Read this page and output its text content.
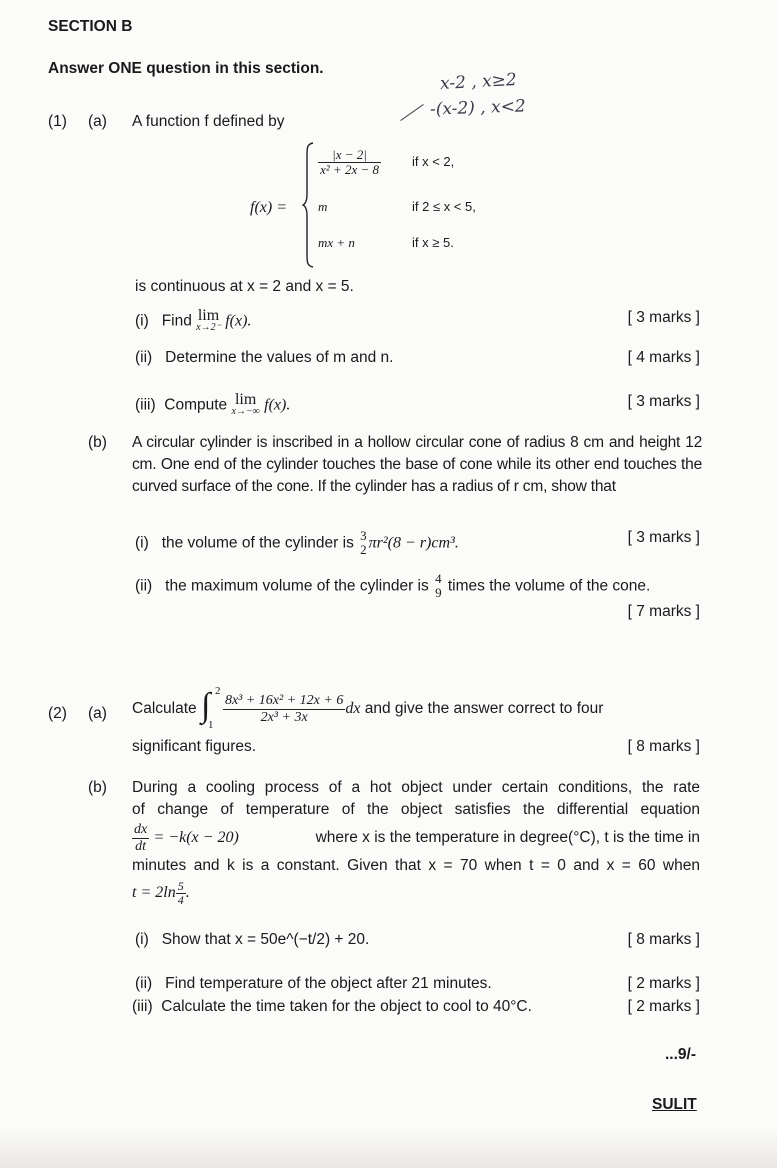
SECTION B
Answer ONE question in this section.
x-2 , x≥2
-(x-2) , x<2
(1) (a) A function f defined by
f(x) =
$\frac{|x - 2|}{\text{x² + 2x − 8}}$ if x < 2,
m	if 2 ≤ x < 5,
mx + n	if x ≥ 5.
is continuous at x = 2 and x = 5.
(i) Find lim
x→2⁻ f(x).	[ 3 marks ]
(ii) Determine the values of m and n.	[ 4 marks ]
(iii) Compute lim
x→−∞ f(x).	[ 3 marks ]
(b) A circular cylinder is inscribed in a hollow circular cone of radius 8 cm and height 12 cm. One end of the cylinder touches the base of cone while its other end touches the curved surface of the cone. If the cylinder has a radius of r cm, show that
(i) the volume of the cylinder is 3
2 πr²(8 − r)cm³.	[ 3 marks ]
(ii) the maximum volume of the cylinder is 4
9 times the volume of the cone.
[ 7 marks ]
(2) (a) Calculate ∫ 2
1
$\frac{\text{8x³ + 16x² + 12x + 6}}{\text{2x³ + 3x}}$ dx and give the answer correct to four
significant figures.	[ 8 marks ]
(b) During a cooling process of a hot object under certain conditions, the rate
of change of temperature of the object satisfies the differential equation
$\frac{dx}{dt} = -k(x - 20)$	where x is the temperature in degree(°C), t is the time in
minutes and k is a constant. Given that x = 70 when t = 0 and x = 60 when
$t = 2\ln \frac{5}{4}$ .
(i) Show that x = 50e^(−t/2) + 20.	[ 8 marks ]
(ii) Find temperature of the object after 21 minutes.	[ 2 marks ]
(iii) Calculate the time taken for the object to cool to 40°C.	[ 2 marks ]
...9/-
SULIT
